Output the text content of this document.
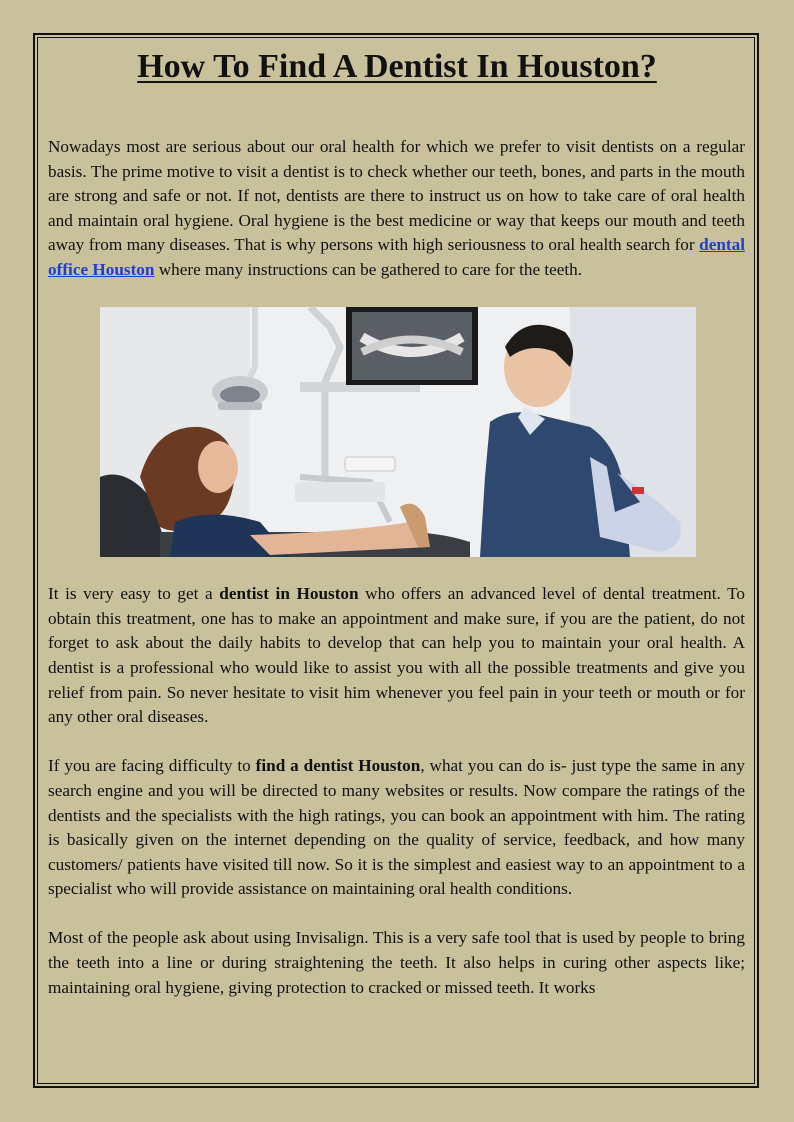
How To Find A Dentist In Houston?

Nowadays most are serious about our oral health for which we prefer to visit dentists on a regular basis. The prime motive to visit a dentist is to check whether our teeth, bones, and parts in the mouth are strong and safe or not. If not, dentists are there to instruct us on how to take care of oral health and maintain oral hygiene. Oral hygiene is the best medicine or way that keeps our mouth and teeth away from many diseases. That is why persons with high seriousness to oral health search for dental office Houston where many instructions can be gathered to care for the teeth.

It is very easy to get a dentist in Houston who offers an advanced level of dental treatment. To obtain this treatment, one has to make an appointment and make sure, if you are the patient, do not forget to ask about the daily habits to develop that can help you to maintain your oral health. A dentist is a professional who would like to assist you with all the possible treatments and give you relief from pain. So never hesitate to visit him whenever you feel pain in your teeth or mouth or for any other oral diseases.

If you are facing difficulty to find a dentist Houston, what you can do is- just type the same in any search engine and you will be directed to many websites or results. Now compare the ratings of the dentists and the specialists with the high ratings, you can book an appointment with him. The rating is basically given on the internet depending on the quality of service, feedback, and how many customers/ patients have visited till now. So it is the simplest and easiest way to an appointment to a specialist who will provide assistance on maintaining oral health conditions.

Most of the people ask about using Invisalign. This is a very safe tool that is used by people to bring the teeth into a line or during straightening the teeth. It also helps in curing other aspects like; maintaining oral hygiene, giving protection to cracked or missed teeth. It works
